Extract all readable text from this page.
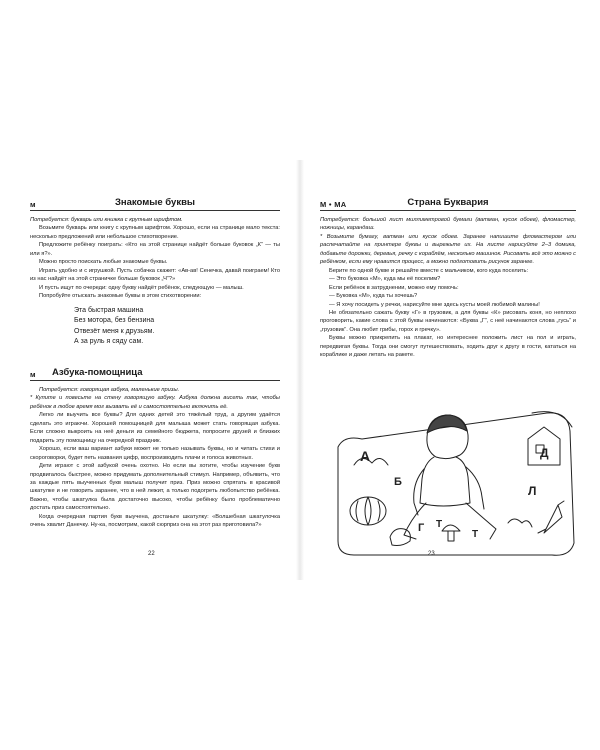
м	Знакомые буквы

Потребуется: букварь или книжка с крупным шрифтом.

Возьмите букварь или книгу с крупным шрифтом. Хорошо, если на странице мало текста: несколько предложений или небольшое стихотворение.

Предложите ребёнку поиграть: «Кто на этой странице найдёт больше буковок „К“ — ты или я?».

Можно просто поискать любые знакомые буквы.

Играть удобно и с игрушкой. Пусть собачка скажет: «Ав-ав! Сенечка, давай поиграем! Кто из нас найдёт на этой страничке больше буковок „Ч“?»

И пусть ищут по очереди: одну букву найдёт ребёнок, следующую — малыш.

Попробуйте отыскать знакомые буквы в этом стихотворении:

Эта быстрая машина
Без мотора, без бензина
Отвезёт меня к друзьям.
А за руль я сяду сам.
м Азбука-помощница

Потребуется: говорящая азбука, маленькие призы.

* Купите и повесьте на стену говорящую азбуку. Азбука должна висеть так, чтобы ребёнок в любое время мог вызвать её и самостоятельно включить её.

Легко ли выучить все буквы? Для одних детей это тяжёлый труд, а другим удаётся сделать это играючи. Хорошей помощницей для малыша может стать говорящая азбука. Если сложно выкроить на неё деньги из семейного бюджета, попросите друзей и близких подарить эту помощницу на очередной праздник.

Хорошо, если ваш вариант азбуки может не только называть буквы, но и читать стихи и скороговорки, будет петь названия цифр, воспроизводить плачи и голоса животных.

Дети играют с этой азбукой очень охотно. Но если вы хотите, чтобы изучение букв продвигалось быстрее, можно придумать дополнительный стимул. Например, объявить, что за каждые пять выученных букв малыш получит приз. Приз можно спрятать в красивой шкатулке и не говорить заранее, что в ней лежит, а только подогреть любопытство ребёнка. Важно, чтобы шкатулка была достаточно высоко, чтобы ребёнку было проблематично достать приз самостоятельно.

Когда очередная партия букв выучена, достаньте шкатулку: «Волшебная шкатулочка очень хвалит Данечку. Ну-ка, посмотрим, какой сюрприз она на этот раз приготовила?»

22
М • МА	Страна Буквария

Потребуется: большой лист миллиметровой бумаги (ватман, кусок обоев), фломастер, ножницы, карандаш.

* Возьмите бумагу, ватман или кусок обоев. Заранее напишите фломастером или распечатайте на принтере буквы и вырежьте их. На листе нарисуйте 2–3 домика, добавьте дорожки, деревья, речку с кораблём, несколько машинок. Рисовать всё это можно с ребёнком, если ему нравится процесс, а можно подготовить рисунок заранее.

Берите по одной букве и решайте вместе с мальчиком, кого куда поселить:

— Это буковка «М», куда мы её поселим?

Если ребёнок в затруднении, можно ему помочь:

— Буковка «М», куда ты хочешь?

— Я хочу посидеть у речки, нарисуйте мне здесь кусты моей любимой малины!

Не обязательно сажать букву «Г» в грузовик, а для буквы «К» рисовать коня, но неплохо проговорить, какие слова с этой буквы начинаются: «Буква „Г“, с неё начинаются слова „гусь“ и „грузовик“. Она любит грибы, горох и гречку».

Буквы можно прикрепить на плакат, но интереснее положить лист на пол и играть, передвигая буквы. Тогда они смогут путешествовать, ходить друг к другу в гости, кататься на кораблике и даже летать на ракете.

23
А
Б
Г
Д
Л
Т
Т
